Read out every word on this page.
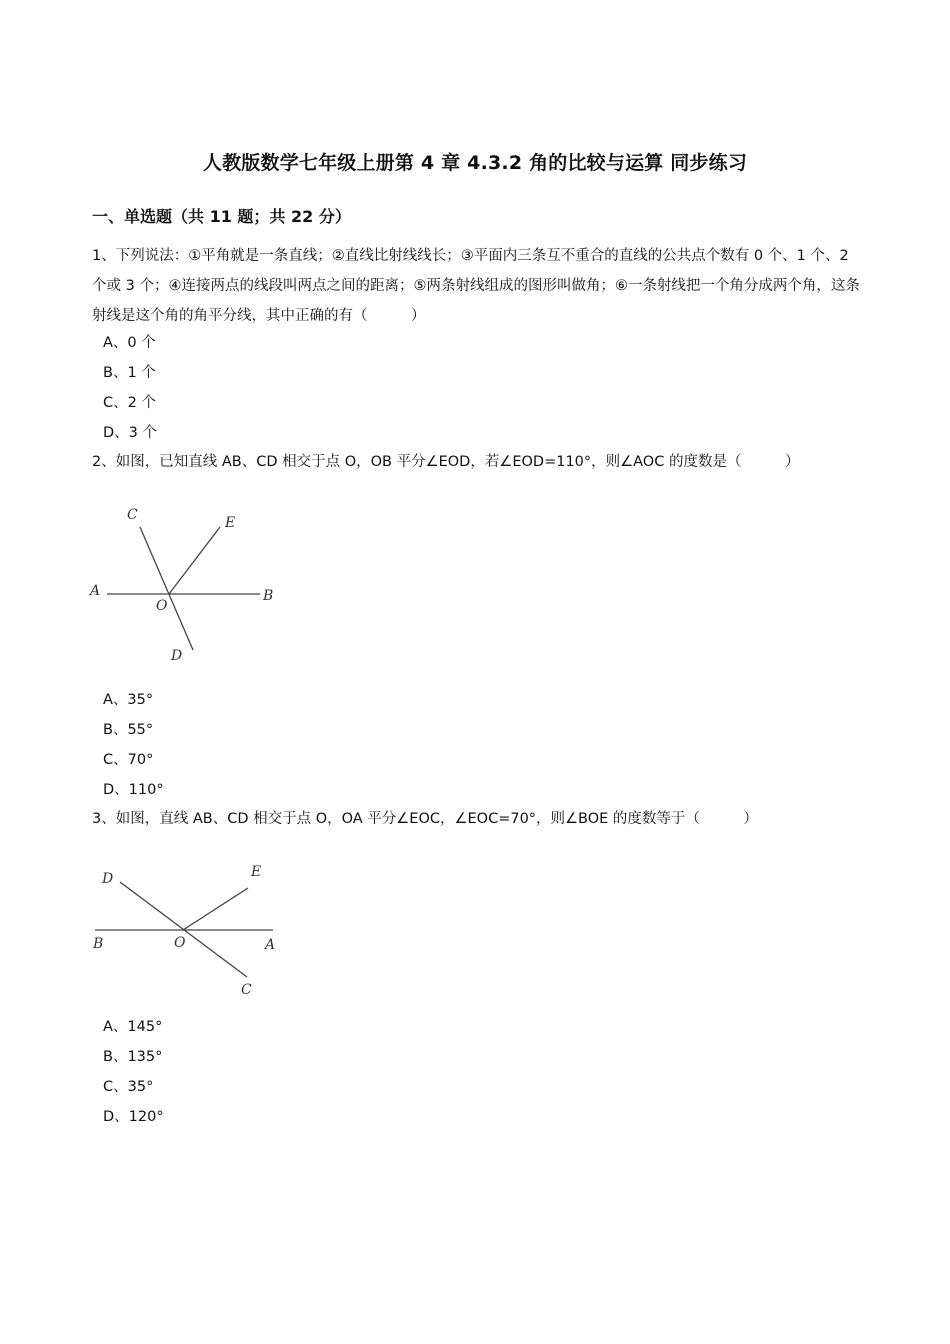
人教版数学七年级上册第 4 章 4.3.2 角的比较与运算 同步练习
一、单选题（共 11 题；共 22 分）
1、下列说法：①平角就是一条直线；②直线比射线线长；③平面内三条互不重合的直线的公共点个数有 0 个、1 个、2 个或 3 个；④连接两点的线段叫两点之间的距离；⑤两条射线组成的图形叫做角；⑥一条射线把一个角分成两个角，这条射线是这个角的角平分线，其中正确的有（　　　）
A、0 个
B、1 个
C、2 个
D、3 个
2、如图，已知直线 AB、CD 相交于点 O，OB 平分∠EOD，若∠EOD=110°，则∠AOC 的度数是（　　　）
C	E
A	B
O
D
A、35°
B、55°
C、70°
D、110°
3、如图，直线 AB、CD 相交于点 O，OA 平分∠EOC，∠EOC=70°，则∠BOE 的度数等于（　　　）
D	E
B	O	A
C
A、145°
B、135°
C、35°
D、120°
